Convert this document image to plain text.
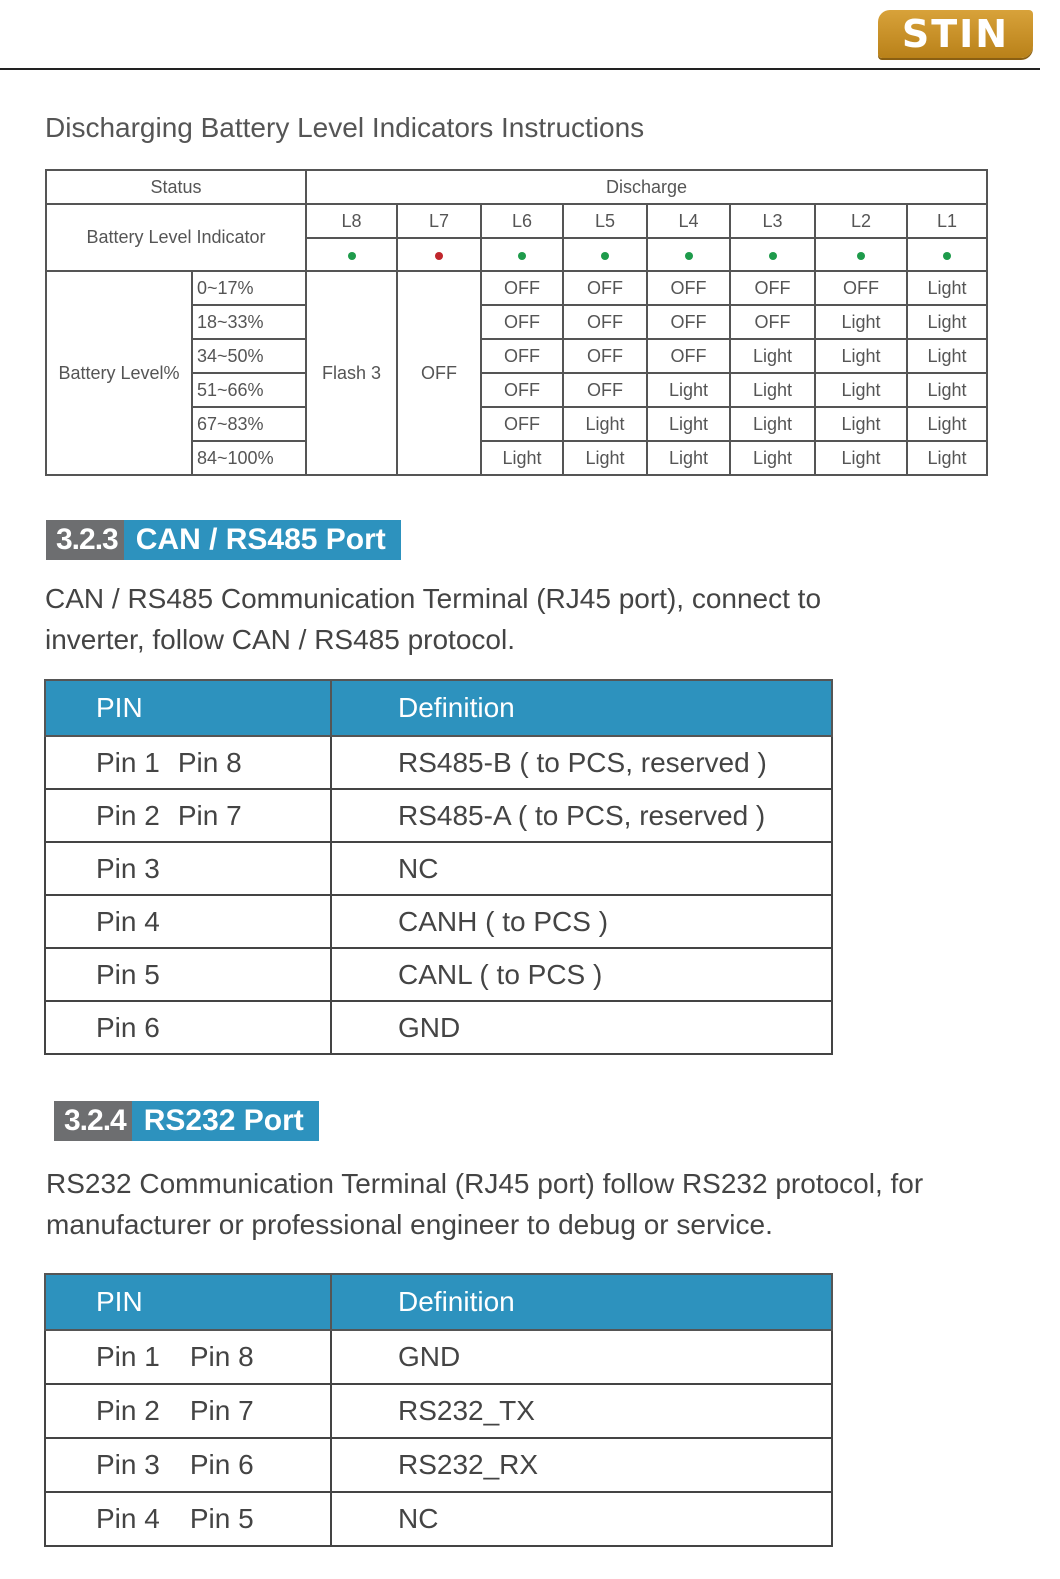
STIN
Discharging Battery Level Indicators Instructions
Status		Discharge							
Battery Level Indicator		L8	L7	L6	L5	L4	L3	L2	L1

Battery Level%	0~17%	Flash 3	OFF	OFF	OFF	OFF	OFF	OFF	Light
	18~33%			OFF	OFF	OFF	OFF	Light	Light
	34~50%			OFF	OFF	OFF	Light	Light	Light
	51~66%			OFF	OFF	Light	Light	Light	Light
	67~83%			OFF	Light	Light	Light	Light	Light
	84~100%			Light	Light	Light	Light	Light	Light
3.2.3 CAN / RS485 Port

CAN / RS485 Communication Terminal (RJ45 port), connect to
inverter, follow CAN / RS485 protocol.

PIN	Definition
Pin 1 Pin 8	RS485-B ( to PCS, reserved )
Pin 2 Pin 7	RS485-A ( to PCS, reserved )
Pin 3	NC
Pin 4	CANH ( to PCS )
Pin 5	CANL ( to PCS )
Pin 6	GND
3.2.4 RS232 Port

RS232 Communication Terminal (RJ45 port) follow RS232 protocol, for
manufacturer or professional engineer to debug or service.

PIN	Definition
Pin 1 Pin 8	GND
Pin 2 Pin 7	RS232_TX
Pin 3 Pin 6	RS232_RX
Pin 4 Pin 5	NC
